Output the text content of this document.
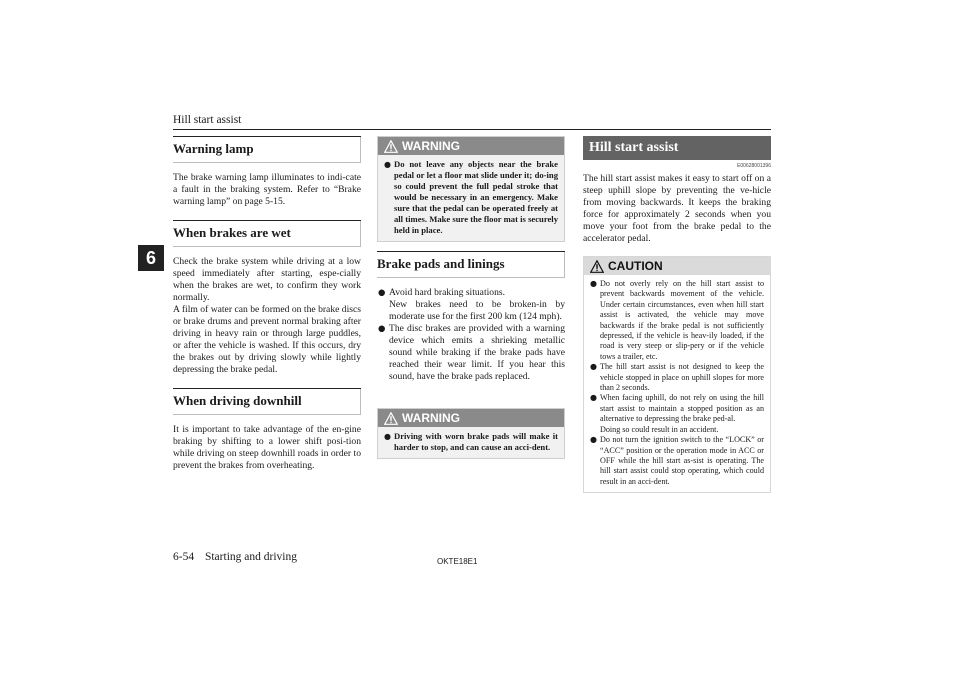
Hill start assist
6
Warning lamp

The brake warning lamp illuminates to indi-cate a fault in the braking system. Refer to “Brake warning lamp” on page 5-15.

When brakes are wet

Check the brake system while driving at a low speed immediately after starting, espe-cially when the brakes are wet, to confirm they work normally.

A film of water can be formed on the brake discs or brake drums and prevent normal braking after driving in heavy rain or through large puddles, or after the vehicle is washed. If this occurs, dry the brakes out by driving slowly while lightly depressing the brake pedal.

When driving downhill

It is important to take advantage of the en-gine braking by shifting to a lower shift posi-tion while driving on steep downhill roads in order to prevent the brakes from overheating.

WARNING
● Do not leave any objects near the brake pedal or let a floor mat slide under it; do-ing so could prevent the full pedal stroke that would be necessary in an emergency. Make sure that the pedal can be operated freely at all times. Make sure the floor mat is securely held in place.
Brake pads and linings
● Avoid hard braking situations.
New brakes need to be broken-in by moderate use for the first 200 km (124 mph).
● The disc brakes are provided with a warning device which emits a shrieking metallic sound while braking if the brake pads have reached their wear limit. If you hear this sound, have the brake pads replaced.
WARNING
● Driving with worn brake pads will make it harder to stop, and can cause an acci-dent.
Hill start assist
E00628001396

The hill start assist makes it easy to start off on a steep uphill slope by preventing the ve-hicle from moving backwards. It keeps the braking force for approximately 2 seconds when you move your foot from the brake pedal to the accelerator pedal.

CAUTION
● Do not overly rely on the hill start assist to prevent backwards movement of the vehicle. Under certain circumstances, even when hill start assist is activated, the vehicle may move backwards if the brake pedal is not sufficiently depressed, if the vehicle is heav-ily loaded, if the road is very steep or slip-pery or if the vehicle tows a trailer, etc.
● The hill start assist is not designed to keep the vehicle stopped in place on uphill slopes for more than 2 seconds.
● When facing uphill, do not rely on using the hill start assist to maintain a stopped position as an alternative to depressing the brake ped-al.
Doing so could result in an accident.
● Do not turn the ignition switch to the “LOCK” or “ACC” position or the operation mode in ACC or OFF while the hill start as-sist is operating. The hill start assist could stop operating, which could result in an acci-dent.
6-54 Starting and driving	OKTE18E1
